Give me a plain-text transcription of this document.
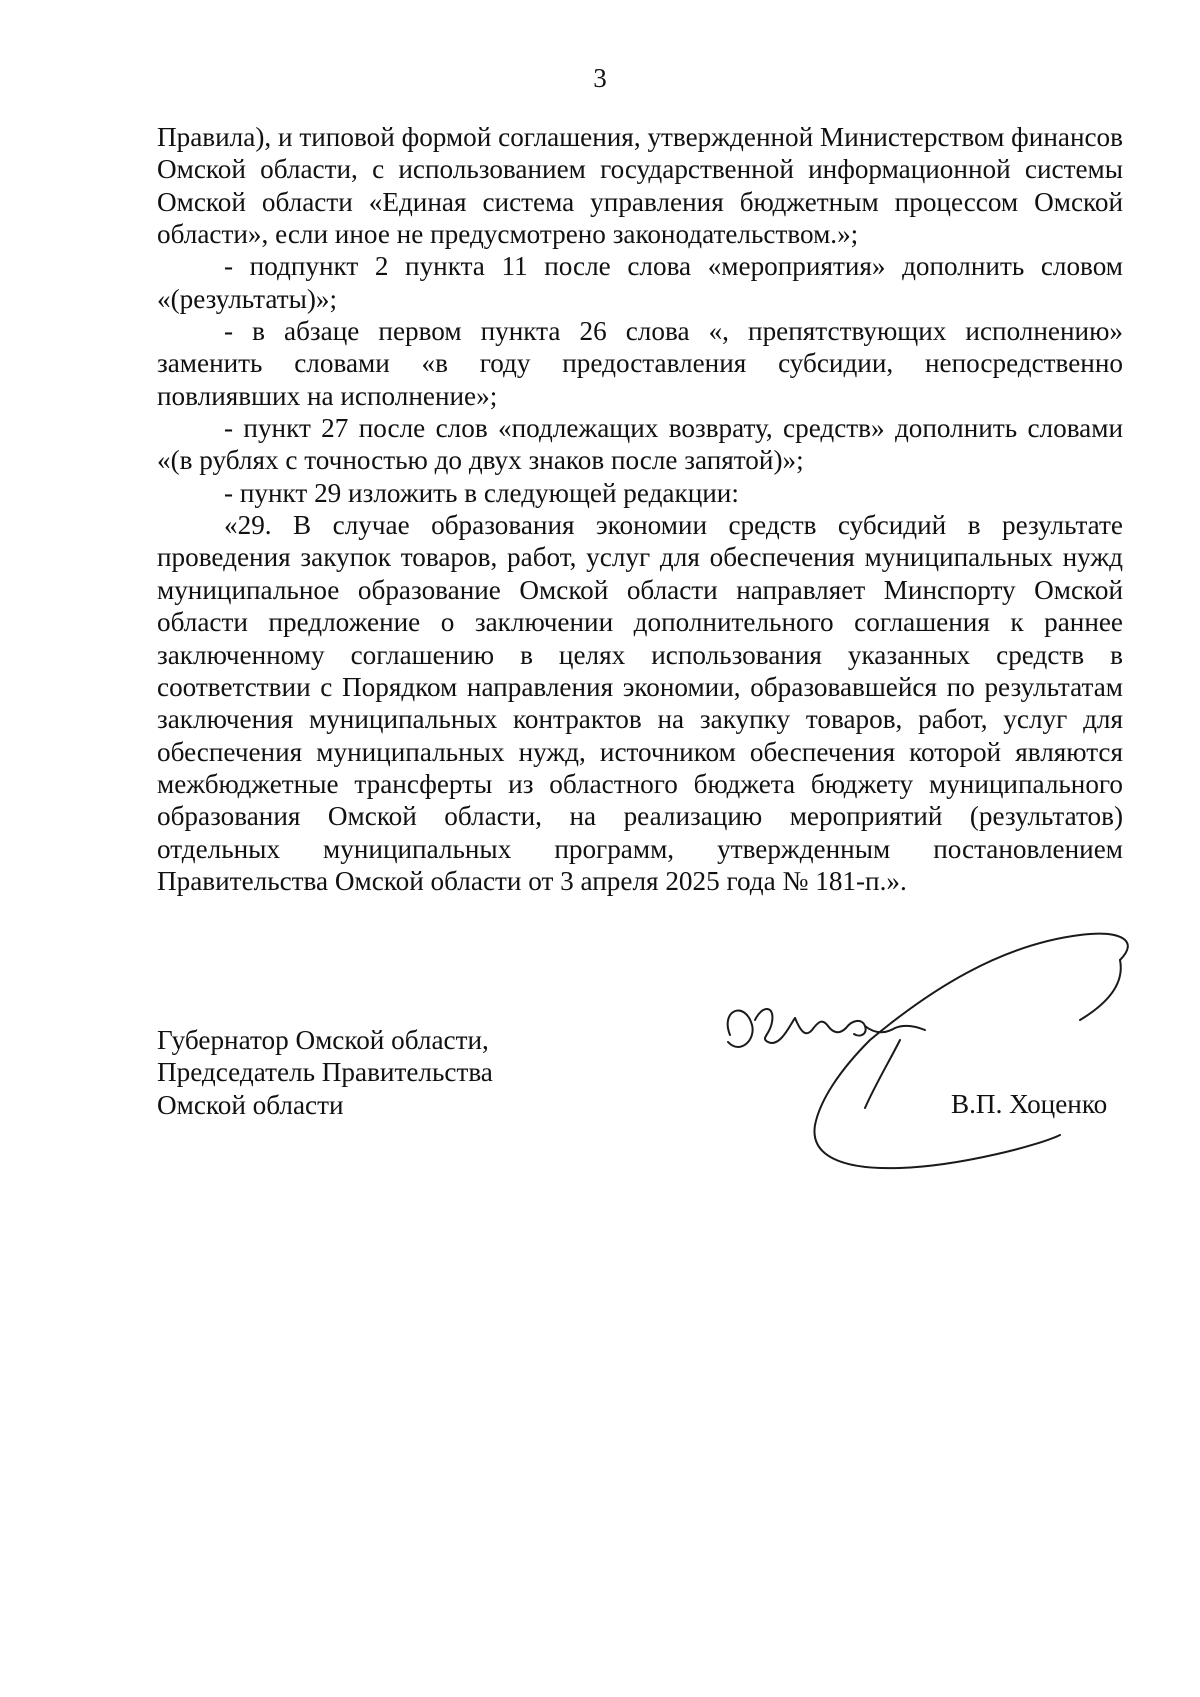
3

Правила), и типовой формой соглашения, утвержденной Министерством финансов Омской области, с использованием государственной информационной системы Омской области «Единая система управления бюджетным процессом Омской области», если иное не предусмотрено законодательством.»;

- подпункт 2 пункта 11 после слова «мероприятия» дополнить словом «(результаты)»;

- в абзаце первом пункта 26 слова «, препятствующих исполнению» заменить словами «в году предоставления субсидии, непосредственно повлиявших на исполнение»;

- пункт 27 после слов «подлежащих возврату, средств» дополнить словами «(в рублях с точностью до двух знаков после запятой)»;

- пункт 29 изложить в следующей редакции:

«29. В случае образования экономии средств субсидий в результате проведения закупок товаров, работ, услуг для обеспечения муниципальных нужд муниципальное образование Омской области направляет Минспорту Омской области предложение о заключении дополнительного соглашения к раннее заключенному соглашению в целях использования указанных средств в соответствии с Порядком направления экономии, образовавшейся по результатам заключения муниципальных контрактов на закупку товаров, работ, услуг для обеспечения муниципальных нужд, источником обеспечения которой являются межбюджетные трансферты из областного бюджета бюджету муниципального образования Омской области, на реализацию мероприятий (результатов) отдельных муниципальных программ, утвержденным постановлением Правительства Омской области от 3 апреля 2025 года № 181-п.».

Губернатор Омской области,
Председатель Правительства
Омской области	В.П. Хоценко
